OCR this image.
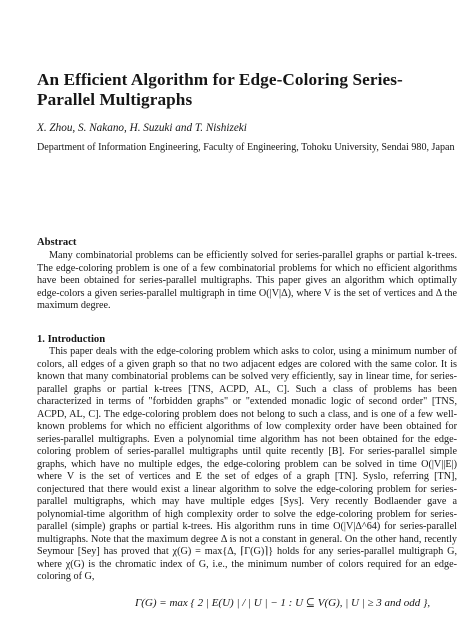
An Efficient Algorithm for Edge-Coloring Series-
Parallel Multigraphs

X. Zhou, S. Nakano, H. Suzuki and T. Nishizeki

Department of Information Engineering, Faculty of Engineering, Tohoku University, Sendai 980, Japan

Abstract

Many combinatorial problems can be efficiently solved for series-parallel graphs or partial k-trees. The edge-coloring problem is one of a few combinatorial problems for which no efficient algorithms have been obtained for series-parallel multigraphs. This paper gives an algorithm which optimally edge-colors a given series-parallel multigraph in time O(|V|Δ), where V is the set of vertices and Δ the maximum degree.

1. Introduction

This paper deals with the edge-coloring problem which asks to color, using a minimum number of colors, all edges of a given graph so that no two adjacent edges are colored with the same color. It is known that many combinatorial problems can be solved very efficiently, say in linear time, for series-parallel graphs or partial k-trees [TNS, ACPD, AL, C]. Such a class of problems has been characterized in terms of "forbidden graphs" or "extended monadic logic of second order" [TNS, ACPD, AL, C]. The edge-coloring problem does not belong to such a class, and is one of a few well-known problems for which no efficient algorithms of low complexity order have been obtained for series-parallel multigraphs. Even a polynomial time algorithm has not been obtained for the edge-coloring problem of series-parallel multigraphs until quite recently [B]. For series-parallel simple graphs, which have no multiple edges, the edge-coloring problem can be solved in time O(|V||E|) where V is the set of vertices and E the set of edges of a graph [TN]. Syslo, referring [TN], conjectured that there would exist a linear algorithm to solve the edge-coloring problem for series-parallel multigraphs, which may have multiple edges [Sys]. Very recently Bodlaender gave a polynomial-time algorithm of high complexity order to solve the edge-coloring problem for series-parallel (simple) graphs or partial k-trees. His algorithm runs in time O(|V|Δ^64) for series-parallel multigraphs. Note that the maximum degree Δ is not a constant in general. On the other hand, recently Seymour [Sey] has proved that χ(G) = max{Δ, ⌈Γ(G)⌉} holds for any series-parallel multigraph G, where χ(G) is the chromatic index of G, i.e., the minimum number of colors required for an edge-coloring of G,

Γ(G) = max { 2 | E(U) | / | U | − 1 : U ⊆ V(G), | U | ≥ 3 and odd },
